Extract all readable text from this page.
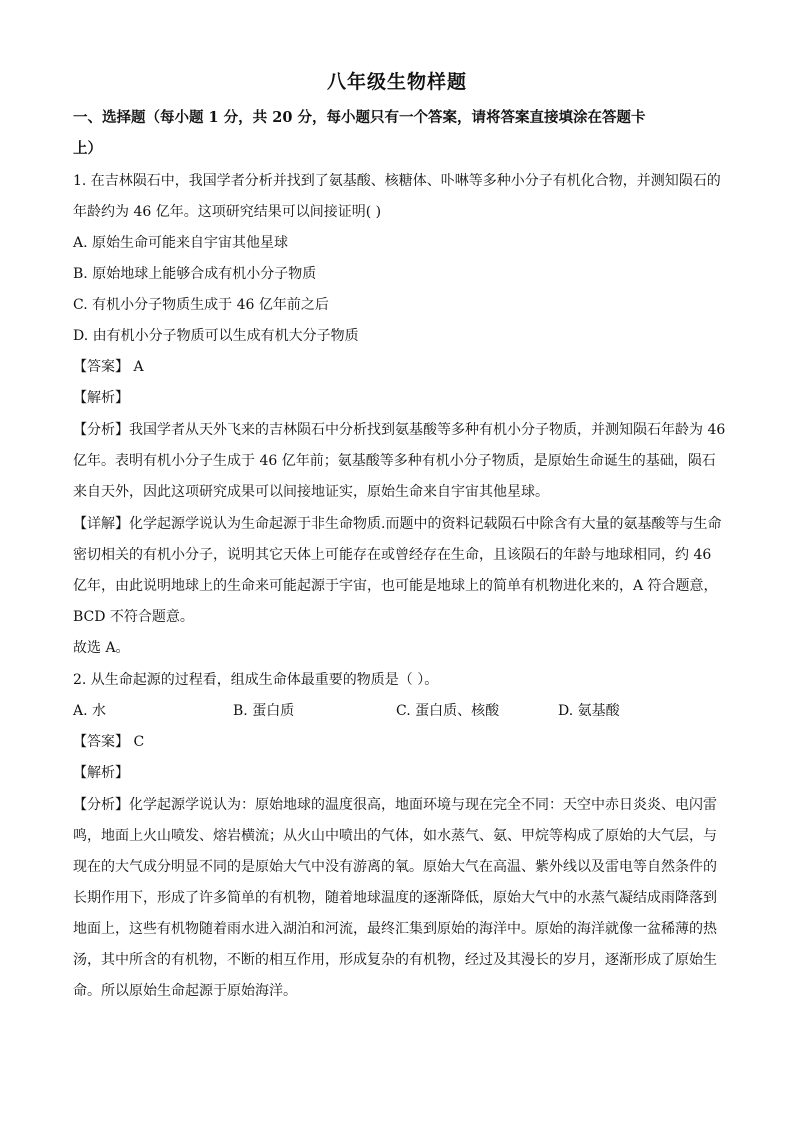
八年级生物样题
一、选择题（每小题 1 分，共 20 分，每小题只有一个答案，请将答案直接填涂在答题卡
上）
1. 在吉林陨石中，我国学者分析并找到了氨基酸、核糖体、卟啉等多种小分子有机化合物，并测知陨石的
年龄约为 46 亿年。这项研究结果可以间接证明( )
A. 原始生命可能来自宇宙其他星球
B. 原始地球上能够合成有机小分子物质
C. 有机小分子物质生成于 46 亿年前之后
D. 由有机小分子物质可以生成有机大分子物质
【 答案 】 A
【 解析 】
【 分析 】 我国学者从天外飞来的吉林陨石中分析找到氨基酸等多种有机小分子物质，并测知陨石年龄为 46
亿年。表明有机小分子生成于 46 亿年前；氨基酸等多种有机小分子物质，是原始生命诞生的基础，陨石
来自天外，因此这项研究成果可以间接地证实，原始生命来自宇宙其他星球。
【 详解 】 化学起源学说认为生命起源于非生命物质.而题中的资料记载陨石中除含有大量的氨基酸等与生命
密切相关的有机小分子，说明其它天体上可能存在或曾经存在生命，且该陨石的年龄与地球相同，约 46
亿年，由此说明地球上的生命来可能起源于宇宙，也可能是地球上的简单有机物进化来的，A 符合题意，
BCD 不符合题意。
故选 A。
2. 从生命起源的过程看，组成生命体最重要的物质是（ ）。
A. 水	B. 蛋白质	C. 蛋白质、核酸	D. 氨基酸
【 答案 】 C
【 解析 】
【 分析 】 化学起源学说认为：原始地球的温度很高，地面环境与现在完全不同：天空中赤日炎炎、电闪雷
鸣，地面上火山喷发、熔岩横流；从火山中喷出的气体，如水蒸气、氨、甲烷等构成了原始的大气层，与
现在的大气成分明显不同的是原始大气中没有游离的氧。原始大气在高温、紫外线以及雷电等自然条件的
长期作用下，形成了许多简单的有机物，随着地球温度的逐渐降低，原始大气中的水蒸气凝结成雨降落到
地面上，这些有机物随着雨水进入湖泊和河流，最终汇集到原始的海洋中。原始的海洋就像一盆稀薄的热
汤，其中所含的有机物，不断的相互作用，形成复杂的有机物，经过及其漫长的岁月，逐渐形成了原始生
命。所以原始生命起源于原始海洋。
